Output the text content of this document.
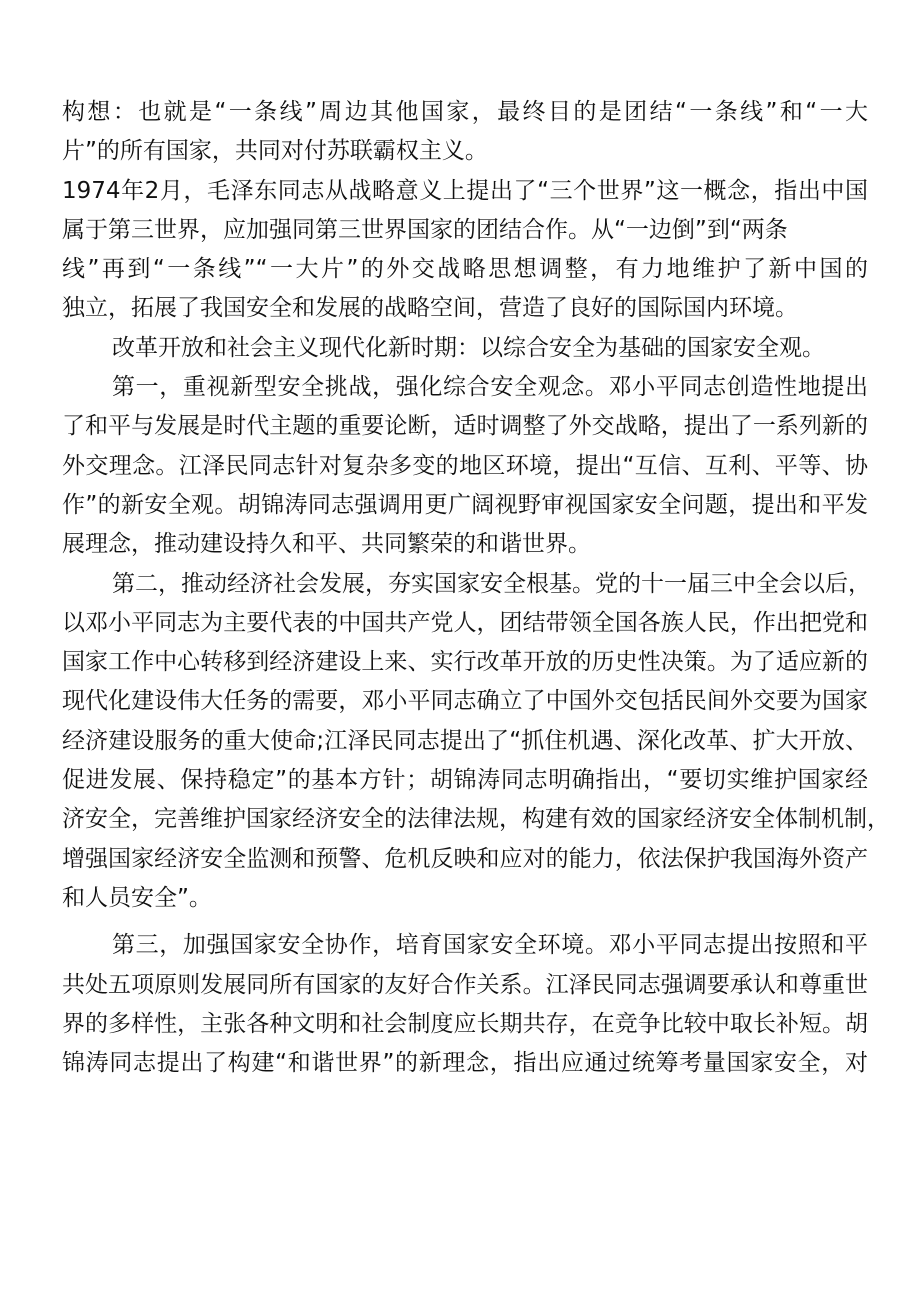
构想：也就是“一条线”周边其他国家，最终目的是团结“一条线”和“一大
片”的所有国家，共同对付苏联霸权主义。
1974年2月，毛泽东同志从战略意义上提出了“三个世界”这一概念，指出中国
属于第三世界，应加强同第三世界国家的团结合作。从“一边倒”到“两条
线”再到“一条线”“一大片”的外交战略思想调整，有力地维护了新中国的
独立，拓展了我国安全和发展的战略空间，营造了良好的国际国内环境。
改革开放和社会主义现代化新时期：以综合安全为基础的国家安全观。
第一，重视新型安全挑战，强化综合安全观念。邓小平同志创造性地提出
了和平与发展是时代主题的重要论断，适时调整了外交战略，提出了一系列新的
外交理念。江泽民同志针对复杂多变的地区环境，提出“互信、互利、平等、协
作”的新安全观。胡锦涛同志强调用更广阔视野审视国家安全问题，提出和平发
展理念，推动建设持久和平、共同繁荣的和谐世界。
第二，推动经济社会发展，夯实国家安全根基。党的十一届三中全会以后，
以邓小平同志为主要代表的中国共产党人，团结带领全国各族人民，作出把党和
国家工作中心转移到经济建设上来、实行改革开放的历史性决策。为了适应新的
现代化建设伟大任务的需要，邓小平同志确立了中国外交包括民间外交要为国家
经济建设服务的重大使命;江泽民同志提出了“抓住机遇、深化改革、扩大开放、
促进发展、保持稳定”的基本方针；胡锦涛同志明确指出，“要切实维护国家经
济安全，完善维护国家经济安全的法律法规，构建有效的国家经济安全体制机制，
增强国家经济安全监测和预警、危机反映和应对的能力，依法保护我国海外资产
和人员安全”。
第三，加强国家安全协作，培育国家安全环境。邓小平同志提出按照和平
共处五项原则发展同所有国家的友好合作关系。江泽民同志强调要承认和尊重世
界的多样性，主张各种文明和社会制度应长期共存，在竞争比较中取长补短。胡
锦涛同志提出了构建“和谐世界”的新理念，指出应通过统筹考量国家安全，对
